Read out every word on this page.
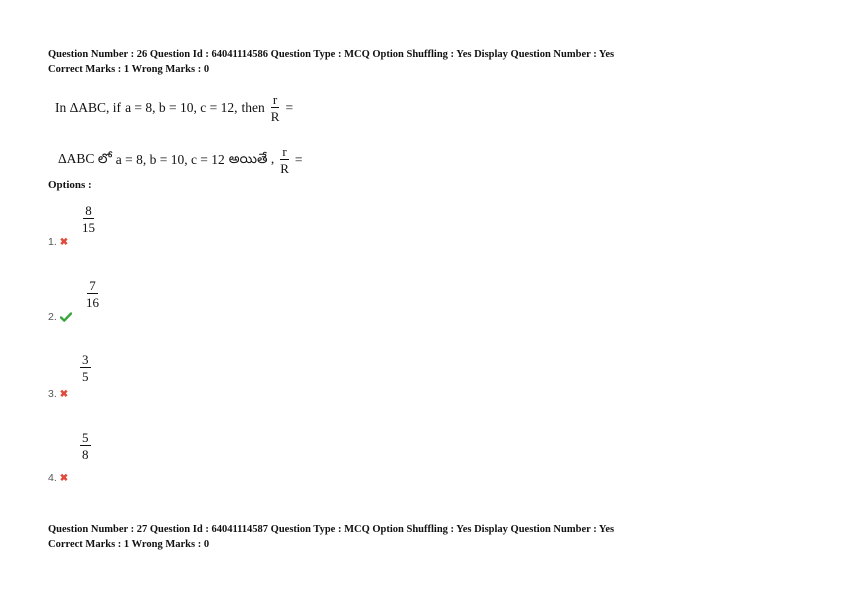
Question Number : 26 Question Id : 64041114586 Question Type : MCQ Option Shuffling : Yes Display Question Number : Yes
Correct Marks : 1 Wrong Marks : 0
In ΔABC, if a = 8, b = 10, c = 12, then $\frac{r}{R}$ =
ΔABC లో a = 8, b = 10, c = 12 అయితే , $\frac{r}{R}$ =
Options :
$\frac{8}{15}$
1. ✖
$\frac{7}{16}$
2.
$\frac{3}{5}$
3. ✖
$\frac{5}{8}$
4. ✖
Question Number : 27 Question Id : 64041114587 Question Type : MCQ Option Shuffling : Yes Display Question Number : Yes
Correct Marks : 1 Wrong Marks : 0
